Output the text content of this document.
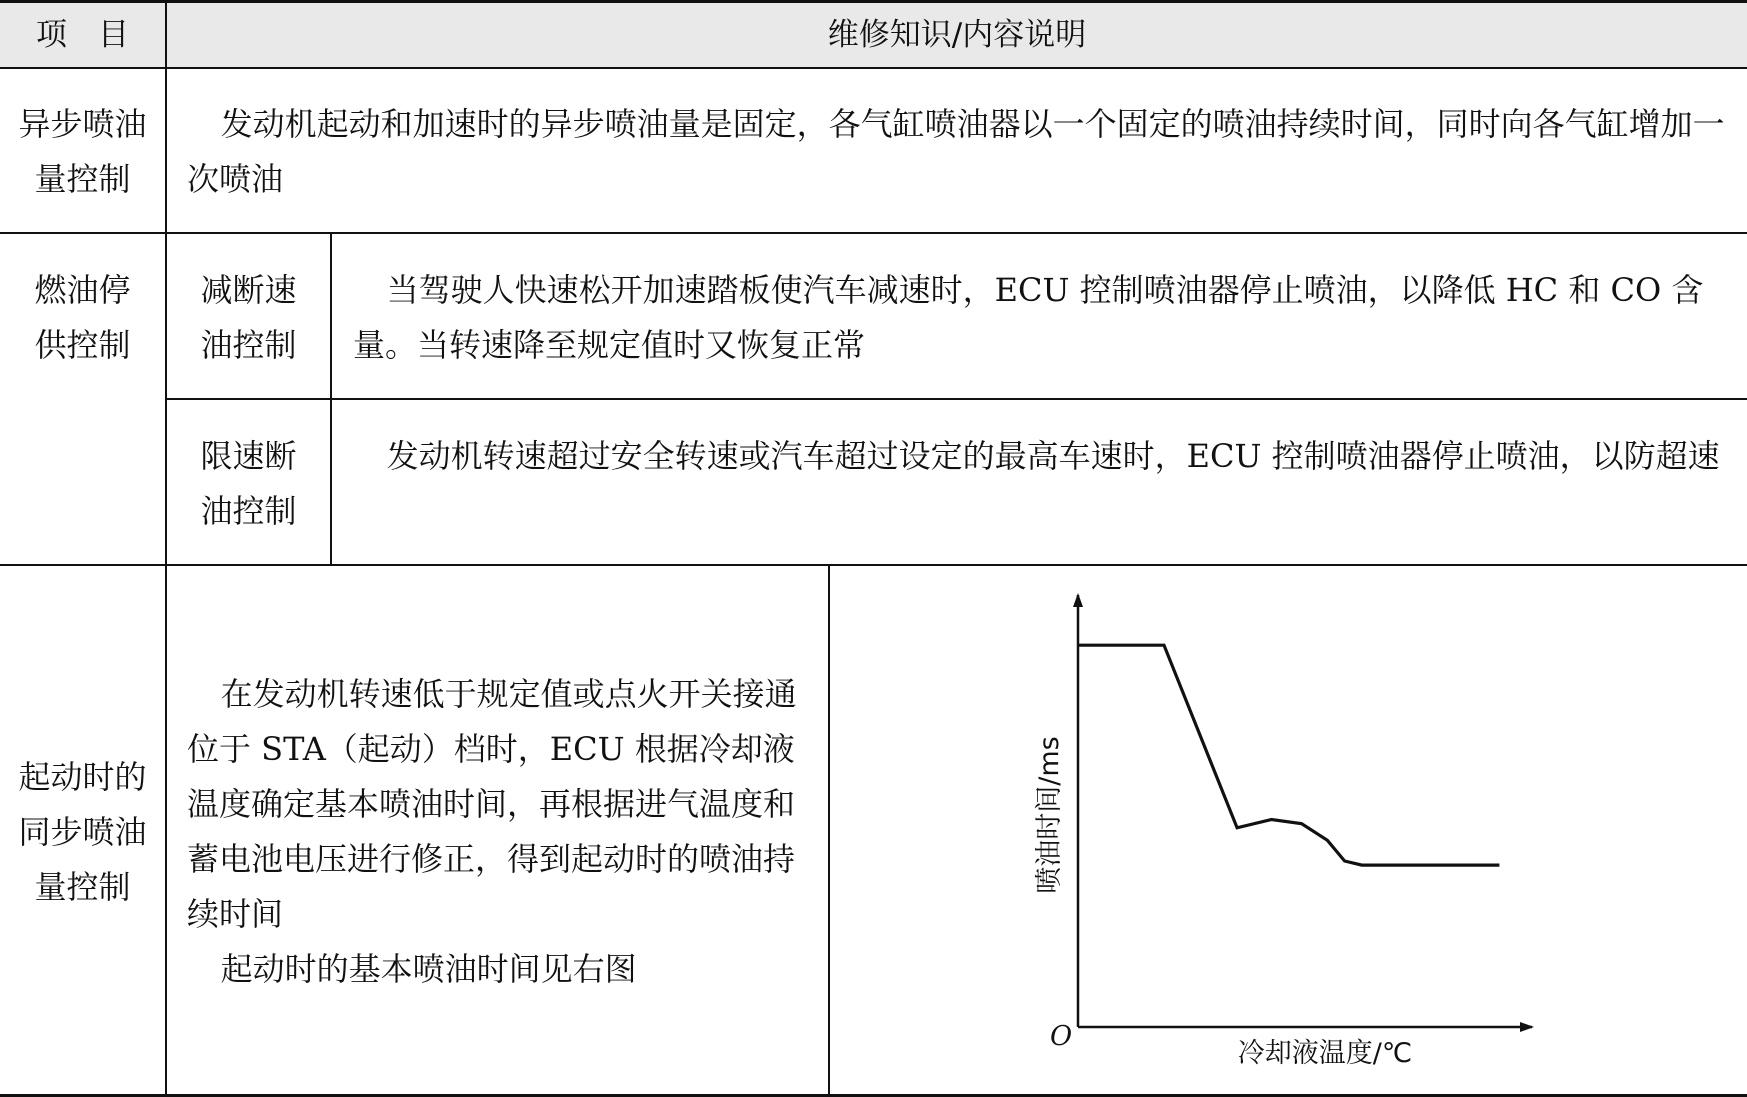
项　目	维修知识/内容说明
异步喷油
量控制

发动机起动和加速时的异步喷油量是固定，各气缸喷油器以一个固定的喷油持续时间，同时向各气缸增加一次喷油

燃油停
供控制
减断速
油控制

当驾驶人快速松开加速踏板使汽车减速时，ECU 控制喷油器停止喷油，以降低 HC 和 CO 含量。当转速降至规定值时又恢复正常

限速断
油控制

发动机转速超过安全转速或汽车超过设定的最高车速时，ECU 控制喷油器停止喷油，以防超速

起动时的
同步喷油
量控制

在发动机转速低于规定值或点火开关接通位于 STA（起动）档时，ECU 根据冷却液温度确定基本喷油时间，再根据进气温度和蓄电池电压进行修正，得到起动时的喷油持续时间

起动时的基本喷油时间见右图

O
冷却液温度/℃
喷油时间/ms
